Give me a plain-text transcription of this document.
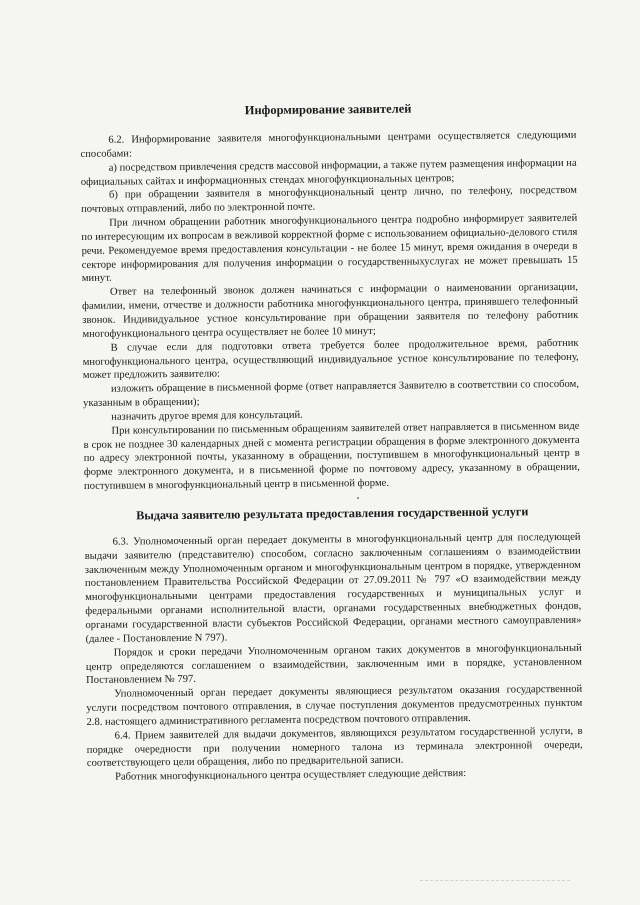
Информирование заявителей

6.2. Информирование заявителя многофункциональными центрами осуществляется следующими способами:

а) посредством привлечения средств массовой информации, а также путем размещения информации на официальных сайтах и информационных стендах многофункциональных центров;

б) при обращении заявителя в многофункциональный центр лично, по телефону, посредством почтовых отправлений, либо по электронной почте.

При личном обращении работник многофункционального центра подробно информирует заявителей по интересующим их вопросам в вежливой корректной форме с использованием официально-делового стиля речи. Рекомендуемое время предоставления консультации - не более 15 минут, время ожидания в очереди в секторе информирования для получения информации о государственныхуслугах не может превышать 15 минут.

Ответ на телефонный звонок должен начинаться с информации о наименовании организации, фамилии, имени, отчестве и должности работника многофункционального центра, принявшего телефонный звонок. Индивидуальное устное консультирование при обращении заявителя по телефону работник многофункционального центра осуществляет не более 10 минут;

В случае если для подготовки ответа требуется более продолжительное время, работник многофункционального центра, осуществляющий индивидуальное устное консультирование по телефону, может предложить заявителю:

изложить обращение в письменной форме (ответ направляется Заявителю в соответствии со способом, указанным в обращении);

назначить другое время для консультаций.

При консультировании по письменным обращениям заявителей ответ направляется в письменном виде в срок не позднее 30 календарных дней с момента регистрации обращения в форме электронного документа по адресу электронной почты, указанному в обращении, поступившем в многофункциональный центр в форме электронного документа, и в письменной форме по почтовому адресу, указанному в обращении, поступившем в многофункциональный центр в письменной форме.

Выдача заявителю результата предоставления государственной услуги

6.3. Уполномоченный орган передает документы в многофункциональный центр для последующей выдачи заявителю (представителю) способом, согласно заключенным соглашениям о взаимодействии заключенным между Уполномоченным органом и многофункциональным центром в порядке, утвержденном постановлением Правительства Российской Федерации от 27.09.2011 № 797 «О взаимодействии между многофункциональными центрами предоставления государственных и муниципальных услуг и федеральными органами исполнительной власти, органами государственных внебюджетных фондов, органами государственной власти субъектов Российской Федерации, органами местного самоуправления» (далее - Постановление N 797).

Порядок и сроки передачи Уполномоченным органом таких документов в многофункциональный центр определяются соглашением о взаимодействии, заключенным ими в порядке, установленном Постановлением № 797.

Уполномоченный орган передает документы являющиеся результатом оказания государственной услуги посредством почтового отправления, в случае поступления документов предусмотренных пунктом 2.8. настоящего административного регламента посредством почтового отправления.

6.4. Прием заявителей для выдачи документов, являющихся результатом государственной услуги, в порядке очередности при получении номерного талона из терминала электронной очереди, соответствующего цели обращения, либо по предварительной записи.

Работник многофункционального центра осуществляет следующие действия:
